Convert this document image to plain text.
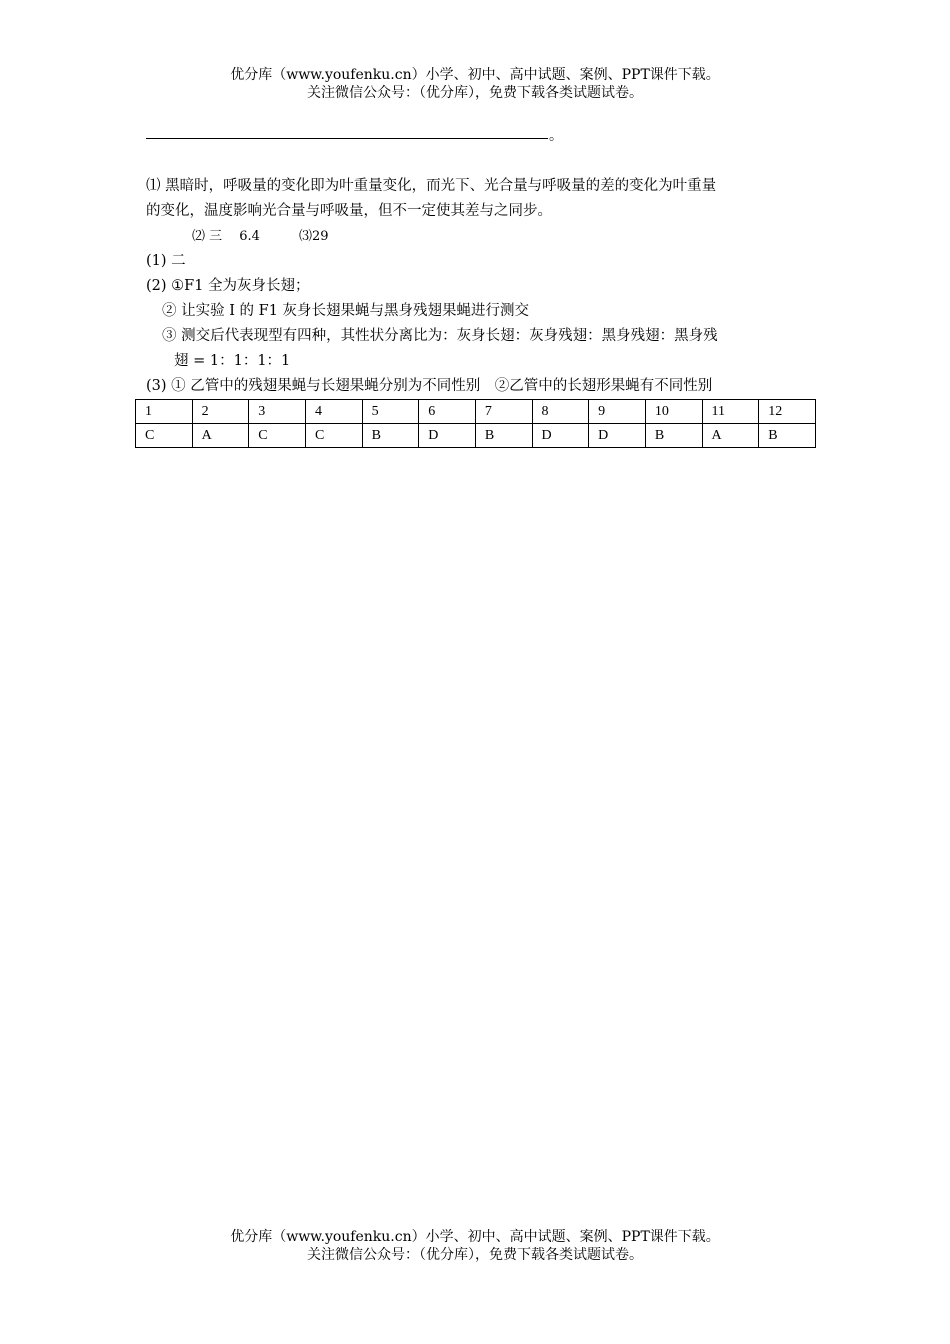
优分库（www.youfenku.cn）小学、初中、高中试题、案例、PPT课件下载。
关注微信公众号：（优分库），免费下载各类试题试卷。
。
⑴ 黑暗时，呼吸量的变化即为叶重量变化，而光下、光合量与呼吸量的差的变化为叶重量
的变化，温度影响光合量与呼吸量，但不一定使其差与之同步。
⑵ 三　 6.4　　　⑶29
(1) 二
(2) ①F1 全为灰身长翅；
② 让实验 I 的 F1 灰身长翅果蝇与黑身残翅果蝇进行测交
③ 测交后代表现型有四种，其性状分离比为：灰身长翅：灰身残翅：黑身残翅：黑身残
翅 = 1：1：1：1
(3) ① 乙管中的残翅果蝇与长翅果蝇分别为不同性别　②乙管中的长翅形果蝇有不同性别
1	2	3	4	5	6	7	8	9	10	11	12
C	A	C	C	B	D	B	D	D	B	A	B
优分库（www.youfenku.cn）小学、初中、高中试题、案例、PPT课件下载。
关注微信公众号：（优分库），免费下载各类试题试卷。
